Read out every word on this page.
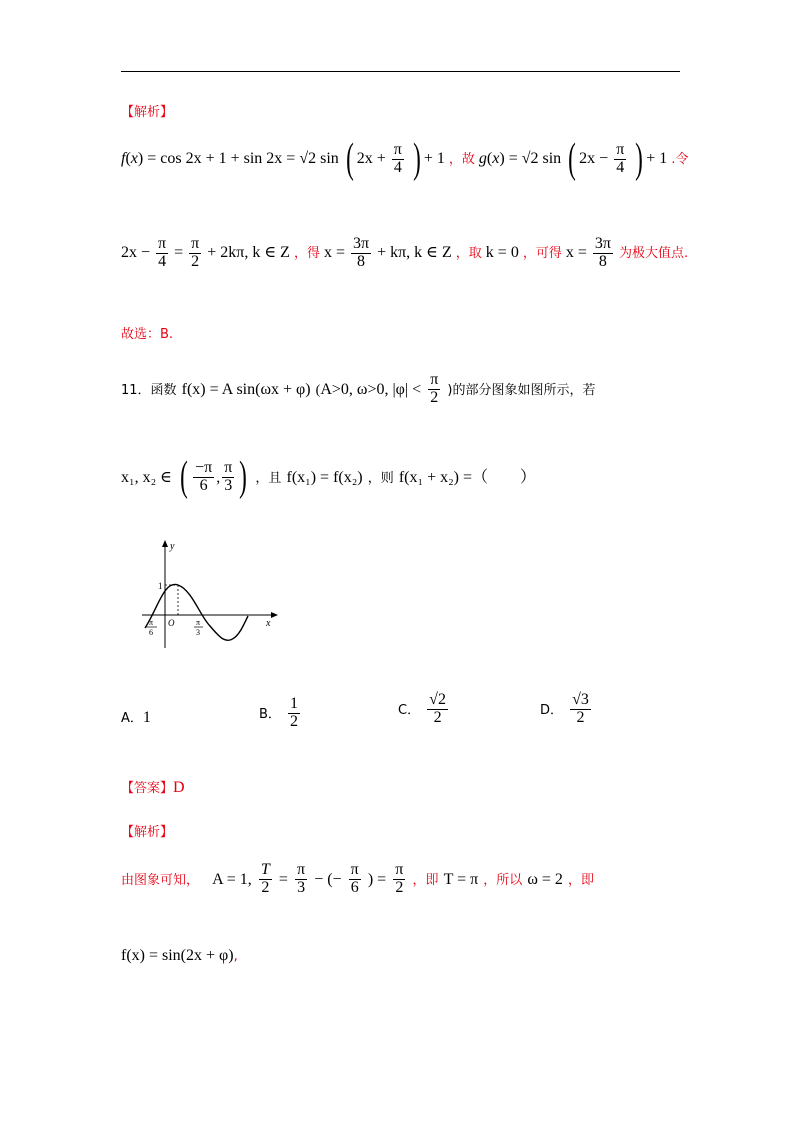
【解析】
f(x) = cos 2x + 1 + sin 2x = √2 sin ( $2x + \frac{\pi}{4}$ ) + 1 ，故 g(x) = √2 sin ( $2x - \frac{\pi}{4}$ ) + 1 .令
$2x - \frac{\pi}{4} = \frac{\pi}{2} + 2k\pi$, k ∈ Z ，得 $x = \frac{3\pi}{8} + k\pi$, k ∈ Z ，取 k = 0 ，可得 $x = \frac{3\pi}{8}$ 为极大值点.
故选：B.
11．函数 f(x) = A sin(ωx + φ) (A>0, ω>0, $|\varphi| < \frac{\pi}{2}$ )的部分图象如图所示，若
x₁, x₂ ∈ ( $\frac{-\pi}{6}$ , $\frac{\pi}{3}$ ) ，且 f(x₁) = f(x₂) ，则 f(x₁ + x₂) =（　　）
y
x
1
O
π
6
π
3
A．1	B． $\frac{1}{2}$	C． $\frac{√2}{2}$	D． $\frac{√3}{2}$
【答案】D
【解析】
由图象可知， A = 1, $\frac{T}{2} = \frac{\pi}{3}$ − (− $\frac{\pi}{6}$ ) = $\frac{\pi}{2}$ ，即 T = π ，所以 ω = 2 ，即
f(x) = sin(2x + φ),
